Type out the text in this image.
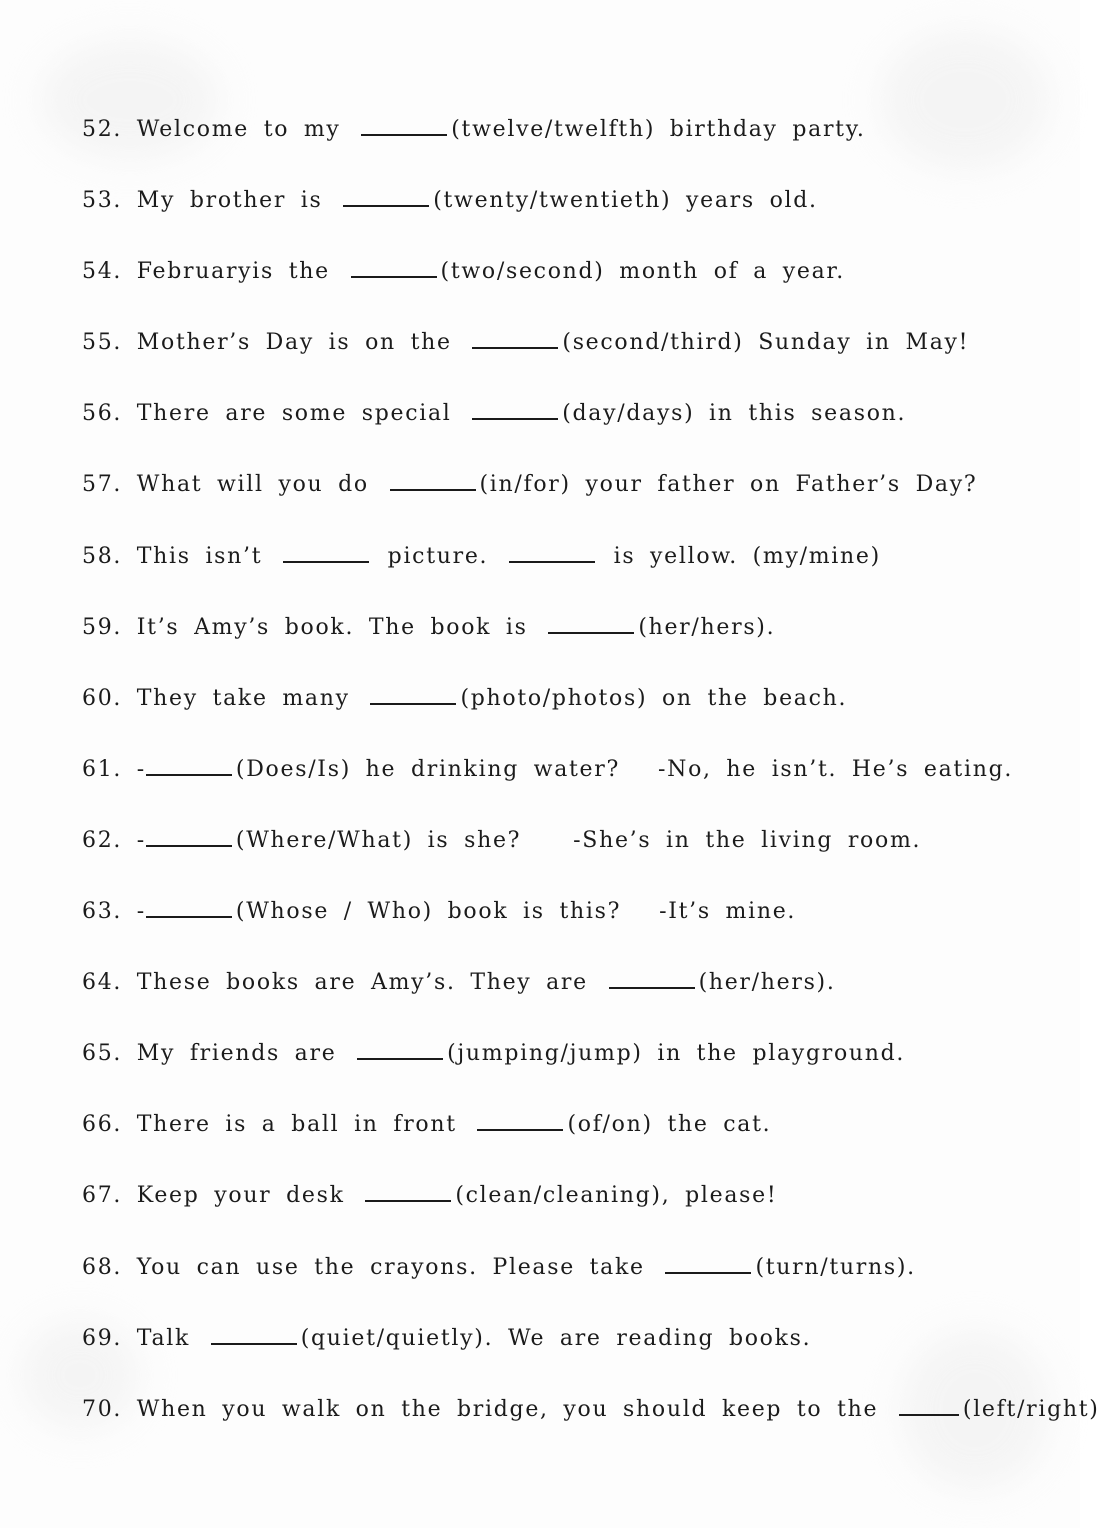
52. Welcome to my	(twelve/twelfth) birthday party.
53. My brother is	(twenty/twentieth) years old.
54. Februaryis the	(two/second) month of a year.
55. Mother’s Day is on the	(second/third) Sunday in May!
56. There are some special	(day/days) in this season.
57. What will you do	(in/for) your father on Father’s Day?
58. This isn’t	picture.	is yellow. (my/mine)
59. It’s Amy’s book. The book is	(her/hers).
60. They take many	(photo/photos) on the beach.
61. -	(Does/Is) he drinking water? -No, he isn’t. He’s eating.
62. -	(Where/What) is she? -She’s in the living room.
63. -	(Whose / Who) book is this? -It’s mine.
64. These books are Amy’s. They are	(her/hers).
65. My friends are	(jumping/jump) in the playground.
66. There is a ball in front	(of/on) the cat.
67. Keep your desk	(clean/cleaning), please!
68. You can use the crayons. Please take	(turn/turns).
69. Talk	(quiet/quietly). We are reading books.
70. When you walk on the bridge, you should keep to the	(left/right)
